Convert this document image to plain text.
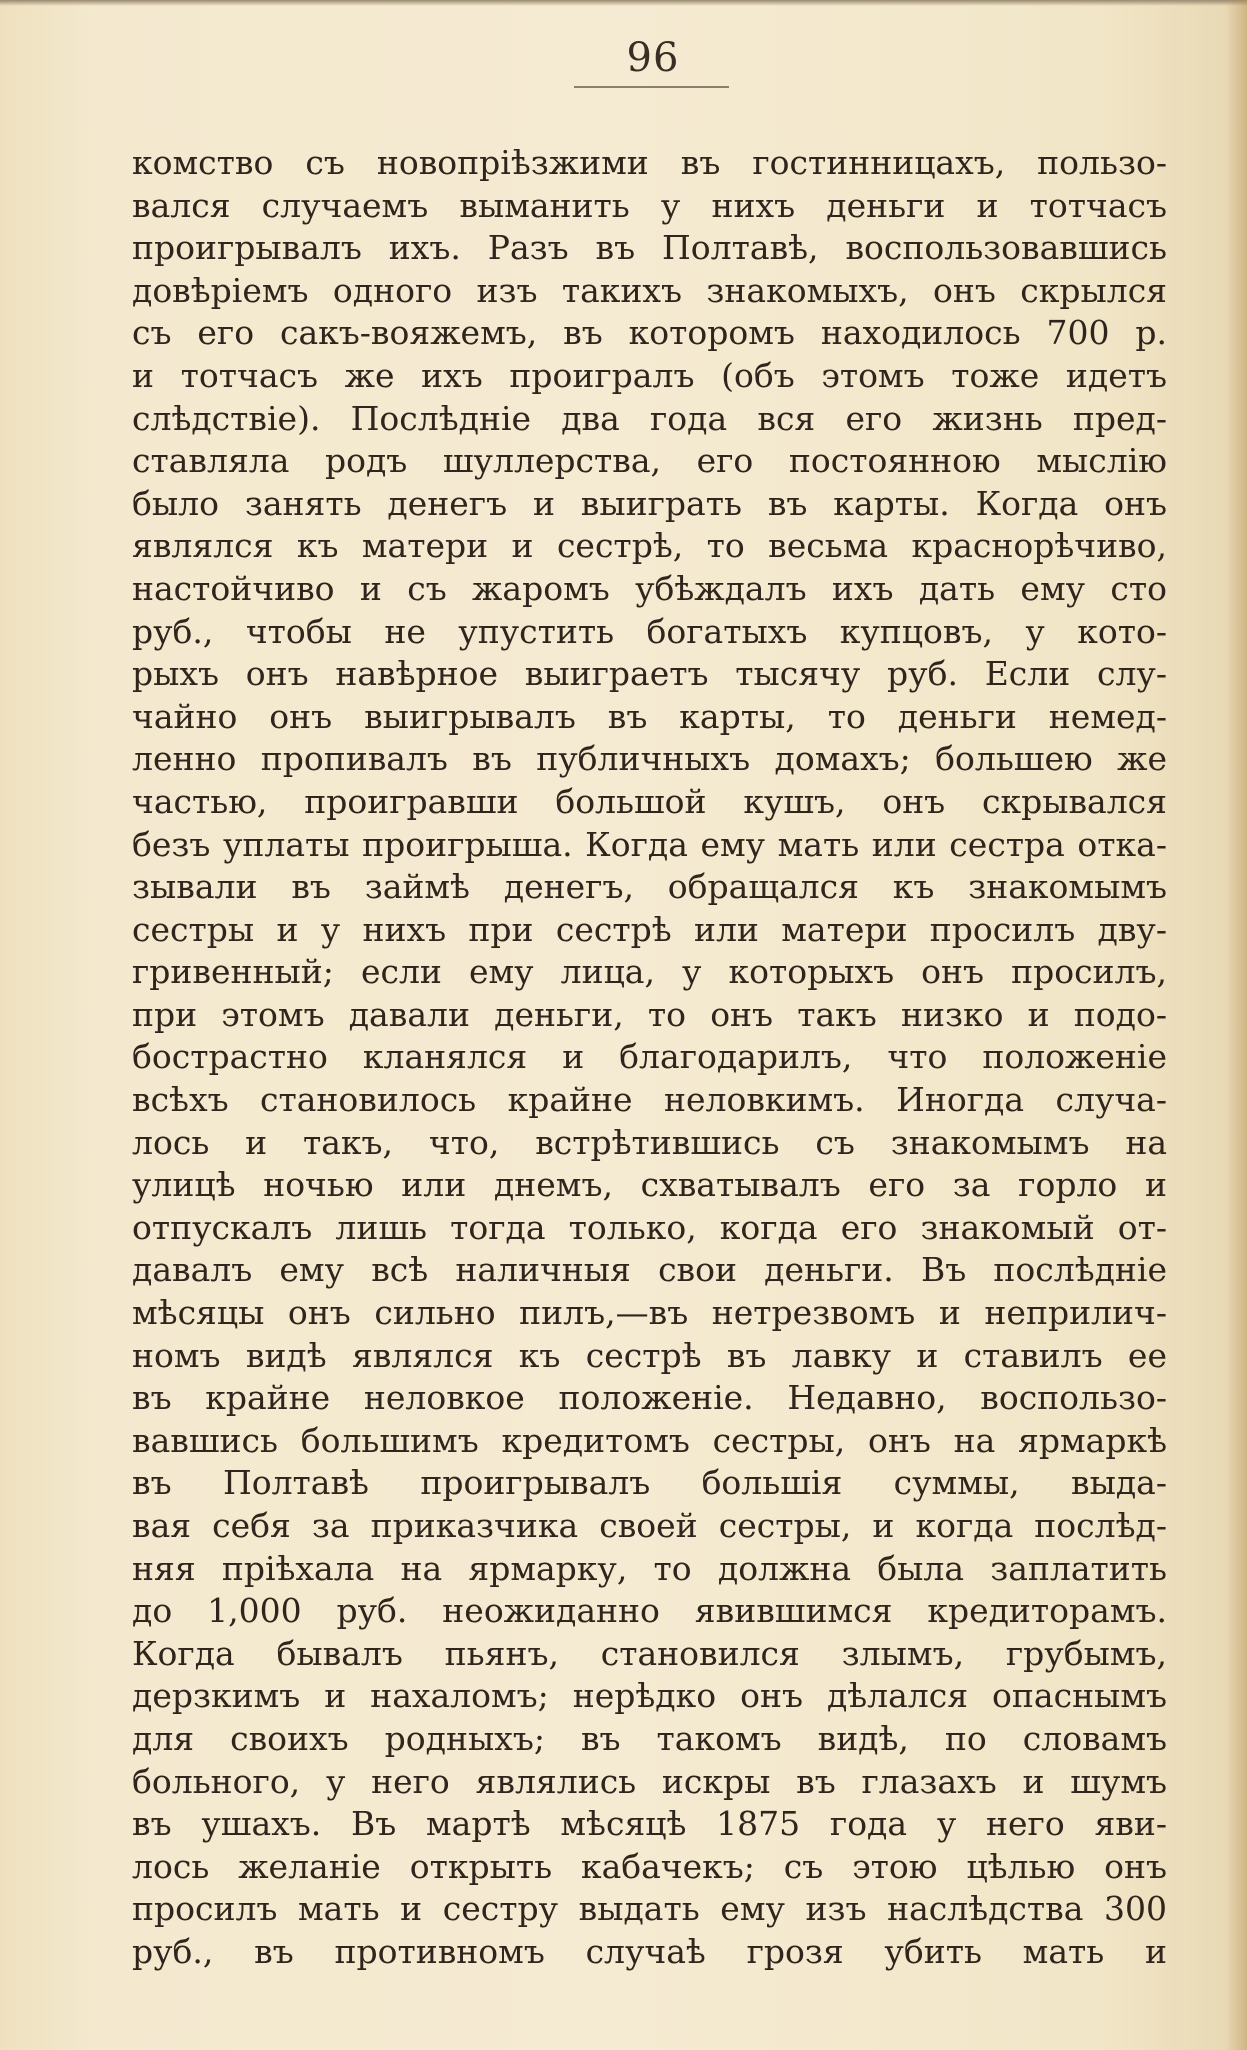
96
комство съ новопріѣзжими въ гостинницахъ, пользо-
вался случаемъ выманить у нихъ деньги и тотчасъ
проигрывалъ ихъ. Разъ въ Полтавѣ, воспользовавшись
довѣріемъ одного изъ такихъ знакомыхъ, онъ скрылся
съ его сакъ-вояжемъ, въ которомъ находилось 700 р.
и тотчасъ же ихъ проигралъ (объ этомъ тоже идетъ
слѣдствіе). Послѣдніе два года вся его жизнь пред-
ставляла родъ шуллерства, его постоянною мыслію
было занять денегъ и выиграть въ карты. Когда онъ
являлся къ матери и сестрѣ, то весьма краснорѣчиво,
настойчиво и съ жаромъ убѣждалъ ихъ дать ему сто
руб., чтобы не упустить богатыхъ купцовъ, у кото-
рыхъ онъ навѣрное выиграетъ тысячу руб. Если слу-
чайно онъ выигрывалъ въ карты, то деньги немед-
ленно пропивалъ въ публичныхъ домахъ; большею же
частью, проигравши большой кушъ, онъ скрывался
безъ уплаты проигрыша. Когда ему мать или сестра отка-
зывали въ займѣ денегъ, обращался къ знакомымъ
сестры и у нихъ при сестрѣ или матери просилъ дву-
гривенный; если ему лица, у которыхъ онъ просилъ,
при этомъ давали деньги, то онъ такъ низко и подо-
бострастно кланялся и благодарилъ, что положеніе
всѣхъ становилось крайне неловкимъ. Иногда случа-
лось и такъ, что, встрѣтившись съ знакомымъ на
улицѣ ночью или днемъ, схватывалъ его за горло и
отпускалъ лишь тогда только, когда его знакомый от-
давалъ ему всѣ наличныя свои деньги. Въ послѣдніе
мѣсяцы онъ сильно пилъ,—въ нетрезвомъ и неприлич-
номъ видѣ являлся къ сестрѣ въ лавку и ставилъ ее
въ крайне неловкое положеніе. Недавно, воспользо-
вавшись большимъ кредитомъ сестры, онъ на ярмаркѣ
въ Полтавѣ проигрывалъ большія суммы, выда-
вая себя за приказчика своей сестры, и когда послѣд-
няя пріѣхала на ярмарку, то должна была заплатить
до 1,000 руб. неожиданно явившимся кредиторамъ.
Когда бывалъ пьянъ, становился злымъ, грубымъ,
дерзкимъ и нахаломъ; нерѣдко онъ дѣлался опаснымъ
для своихъ родныхъ; въ такомъ видѣ, по словамъ
больного, у него являлись искры въ глазахъ и шумъ
въ ушахъ. Въ мартѣ мѣсяцѣ 1875 года у него яви-
лось желаніе открыть кабачекъ; съ этою цѣлью онъ
просилъ мать и сестру выдать ему изъ наслѣдства 300
руб., въ противномъ случаѣ грозя убить мать и
